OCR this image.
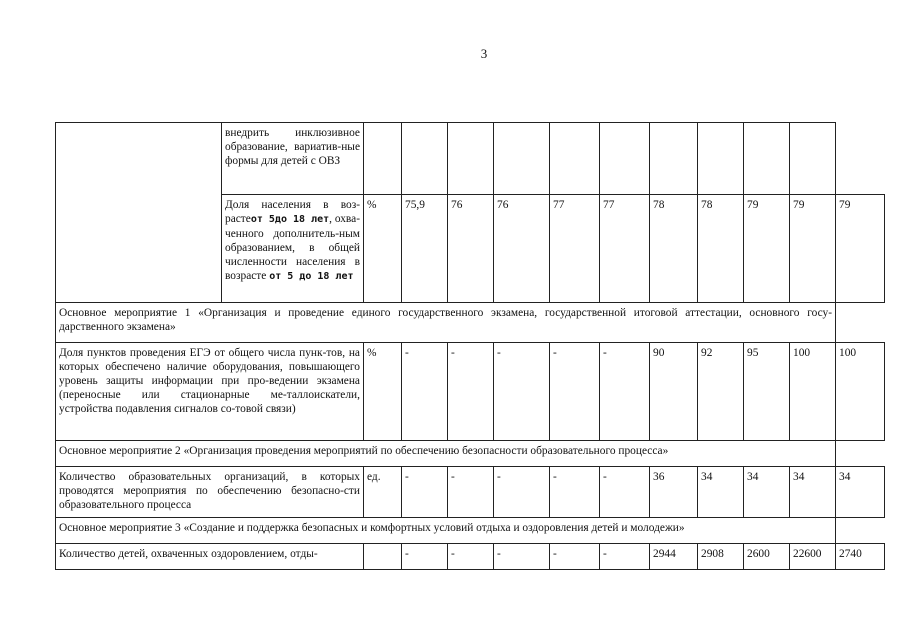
3
	внедрить инклюзивное образование, вариатив-ные формы для детей с ОВЗ											
	Доля населения в воз-растеот 5до 18 лет, охва-ченного дополнитель-ным образованием, в общей численности населения в возрасте от 5 до 18 лет	%	75,9	76	76	77	77	78	78	79	79	79
Основное мероприятие 1 «Организация и проведение единого государственного экзамена, государственной итоговой аттестации, основного госу-дарственного экзамена»												
Доля пунктов проведения ЕГЭ от общего числа пунк-тов, на которых обеспечено наличие оборудования, повышающего уровень защиты информации при про-ведении экзамена (переносные или стационарные ме-таллоискатели, устройства подавления сигналов со-товой связи)		%	-	-	-	-	-	90	92	95	100	100
Основное мероприятие 2 «Организация проведения мероприятий по обеспечению безопасности образовательного процесса»												
Количество образовательных организаций, в которых проводятся мероприятия по обеспечению безопасно-сти образовательного процесса		ед.	-	-	-	-	-	36	34	34	34	34
Основное мероприятие 3 «Создание и поддержка безопасных и комфортных условий отдыха и оздоровления детей и молодежи»												
Количество детей, охваченных оздоровлением, отды-			-	-	-	-	-	2944	2908	2600	22600	2740
